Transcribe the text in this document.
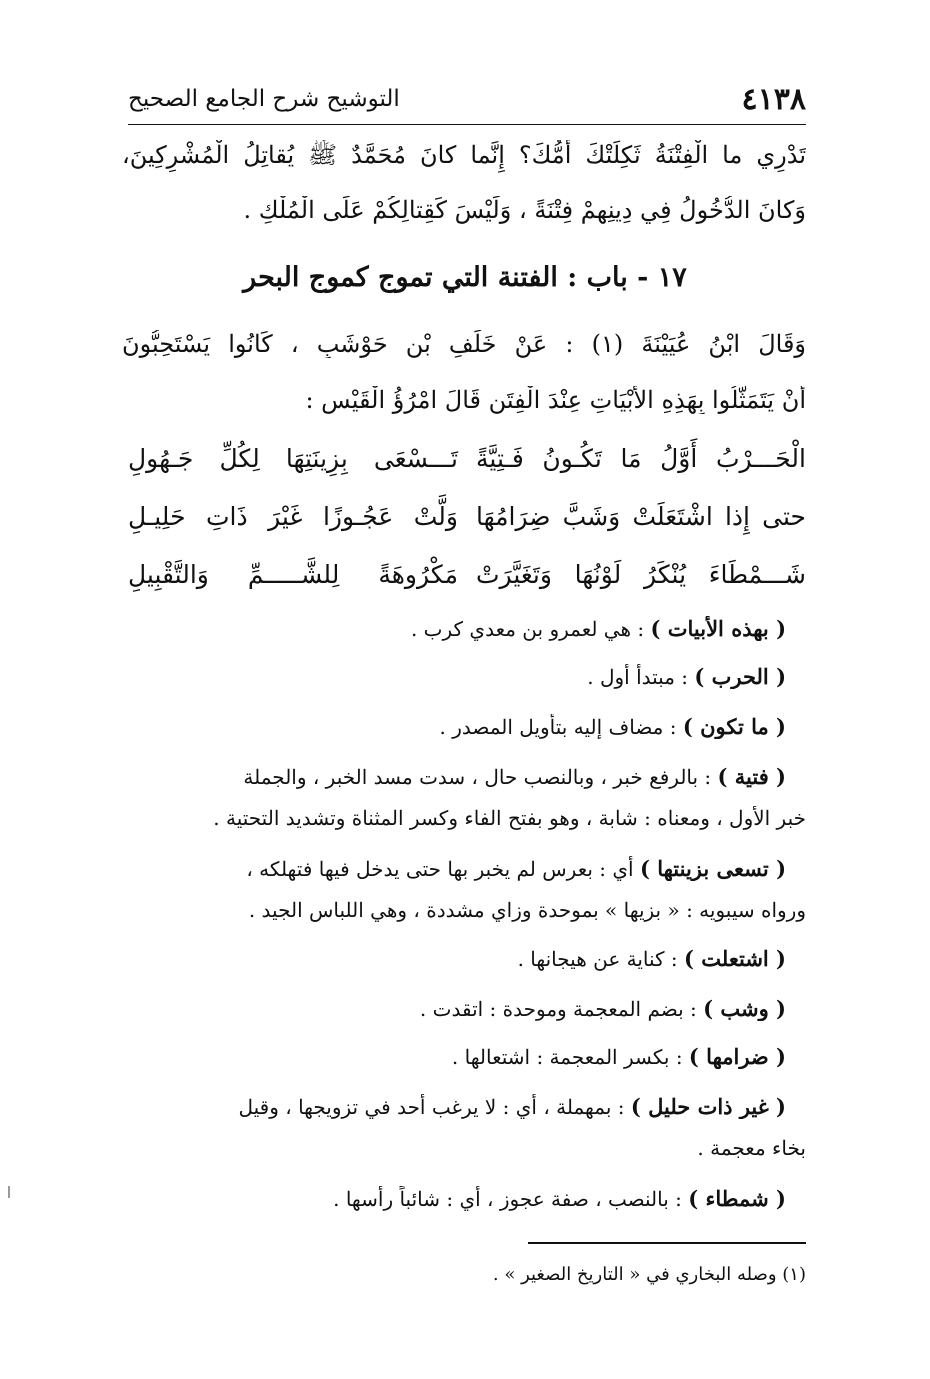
٤١٣٨
التوشيح شرح الجامع الصحيح
تَدْرِي ما الْفِتْنَةُ ثَكِلَتْكَ أُمُّكَ؟ إِنَّما كانَ مُحَمَّدٌ ﷺ يُقاتِلُ الْمُشْرِكِينَ،
وَكانَ الدُّخُولُ فِي دِينِهِمْ فِتْنَةً ، وَلَيْسَ كَقِتالِكُمْ عَلَى الْمُلْكِ .
١٧ - باب : الفتنة التي تموج كموج البحر
وَقَالَ ابْنُ عُيَيْنَةَ (١) : عَنْ خَلَفِ بْنِ حَوْشَبٍ ، كَانُوا يَسْتَحِبُّونَ
أَنْ يَتَمَثَّلُوا بِهَذِهِ الأَبْيَاتِ عِنْدَ الْفِتَنِ قَالَ امْرُؤُ الْقَيْسِ :
الْحَـــرْبُ أَوَّلُ مَا تَكُـونُ فَـتِيَّةً
تَـــسْعَى بِزِينَتِهَا لِكُلِّ جَـهُولِ
حتى إِذا اشْتَعَلَتْ وَشَبَّ ضِرَامُهَا
وَلَّتْ عَجُـوزًا غَيْرَ ذَاتِ حَلِيـلِ
شَـــمْطَاءَ يُنْكَرُ لَوْنُهَا وَتَغَيَّرَتْ
مَكْرُوهَةً لِلشَّـــــمِّ وَالتَّقْبِيلِ
( بهذه الأبيات ) : هي لعمرو بن معدي كرب .
( الحرب ) : مبتدأ أول .
( ما تكون ) : مضاف إليه بتأويل المصدر .
( فتية ) : بالرفع خبر ، وبالنصب حال ، سدت مسد الخبر ، والجملة
خبر الأول ، ومعناه : شابة ، وهو بفتح الفاء وكسر المثناة وتشديد التحتية .
( تسعى بزينتها ) أي : بعرس لم يخبر بها حتى يدخل فيها فتهلكه ،
ورواه سيبويه : « بزيها » بموحدة وزاي مشددة ، وهي اللباس الجيد .
( اشتعلت ) : كناية عن هيجانها .
( وشب ) : بضم المعجمة وموحدة : اتقدت .
( ضرامها ) : بكسر المعجمة : اشتعالها .
( غير ذات حليل ) : بمهملة ، أي : لا يرغب أحد في تزويجها ، وقيل
بخاء معجمة .
( شمطاء ) : بالنصب ، صفة عجوز ، أي : شائباً رأسها .
(١) وصله البخاري في « التاريخ الصغير » .
